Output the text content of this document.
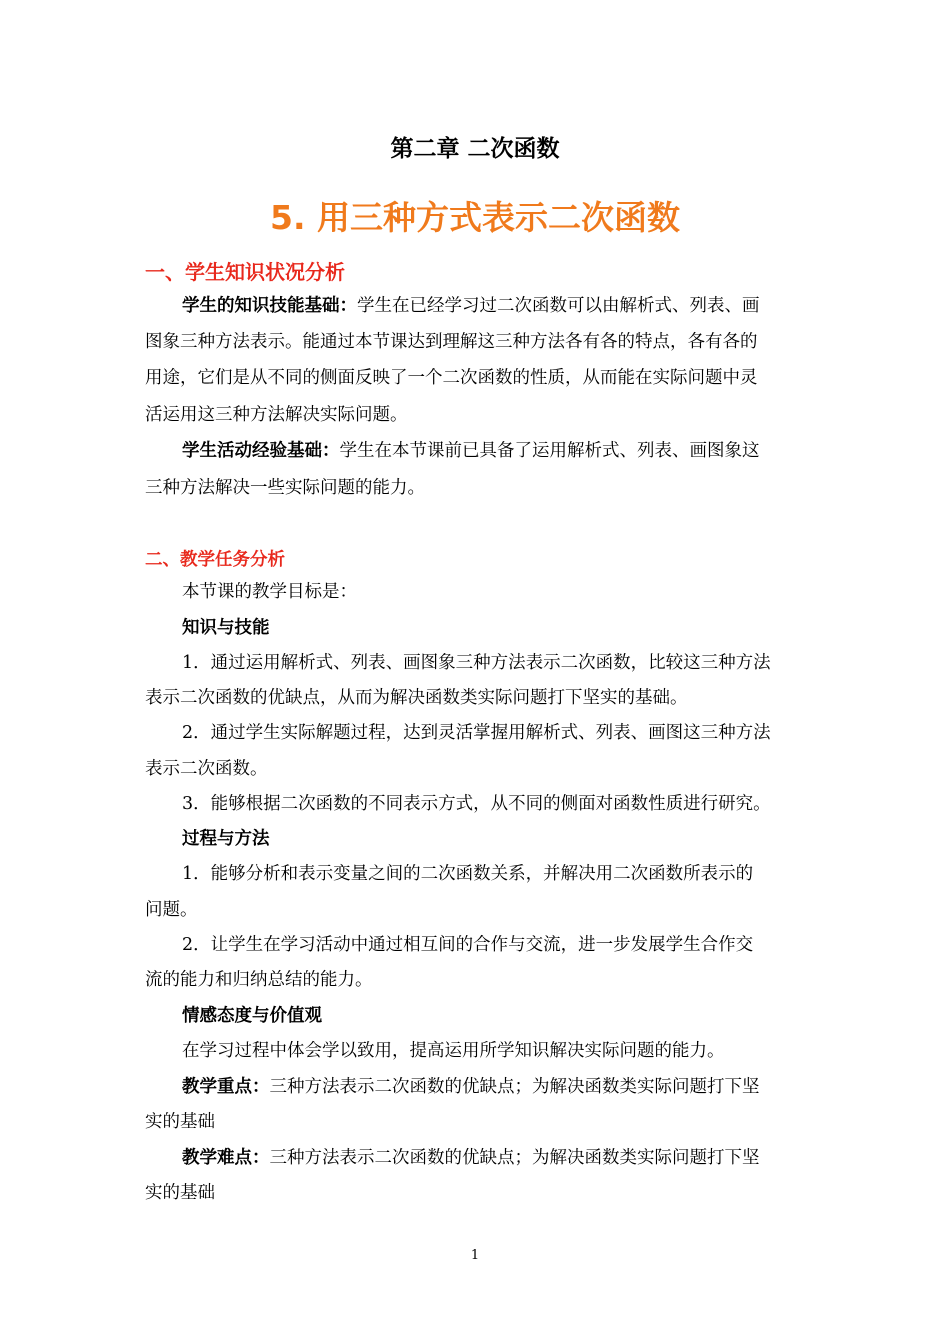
第二章 二次函数
5. 用三种方式表示二次函数
一、学生知识状况分析
学生的知识技能基础：学生在已经学习过二次函数可以由解析式、列表、画
图象三种方法表示。能通过本节课达到理解这三种方法各有各的特点，各有各的
用途，它们是从不同的侧面反映了一个二次函数的性质，从而能在实际问题中灵
活运用这三种方法解决实际问题。
学生活动经验基础：学生在本节课前已具备了运用解析式、列表、画图象这
三种方法解决一些实际问题的能力。
二、教学任务分析
本节课的教学目标是：
知识与技能
1．通过运用解析式、列表、画图象三种方法表示二次函数，比较这三种方法
表示二次函数的优缺点，从而为解决函数类实际问题打下坚实的基础。
2．通过学生实际解题过程，达到灵活掌握用解析式、列表、画图这三种方法
表示二次函数。
3．能够根据二次函数的不同表示方式，从不同的侧面对函数性质进行研究。
过程与方法
1．能够分析和表示变量之间的二次函数关系，并解决用二次函数所表示的
问题。
2．让学生在学习活动中通过相互间的合作与交流，进一步发展学生合作交
流的能力和归纳总结的能力。
情感态度与价值观
在学习过程中体会学以致用，提高运用所学知识解决实际问题的能力。
教学重点：三种方法表示二次函数的优缺点；为解决函数类实际问题打下坚
实的基础
教学难点：三种方法表示二次函数的优缺点；为解决函数类实际问题打下坚
实的基础
1
